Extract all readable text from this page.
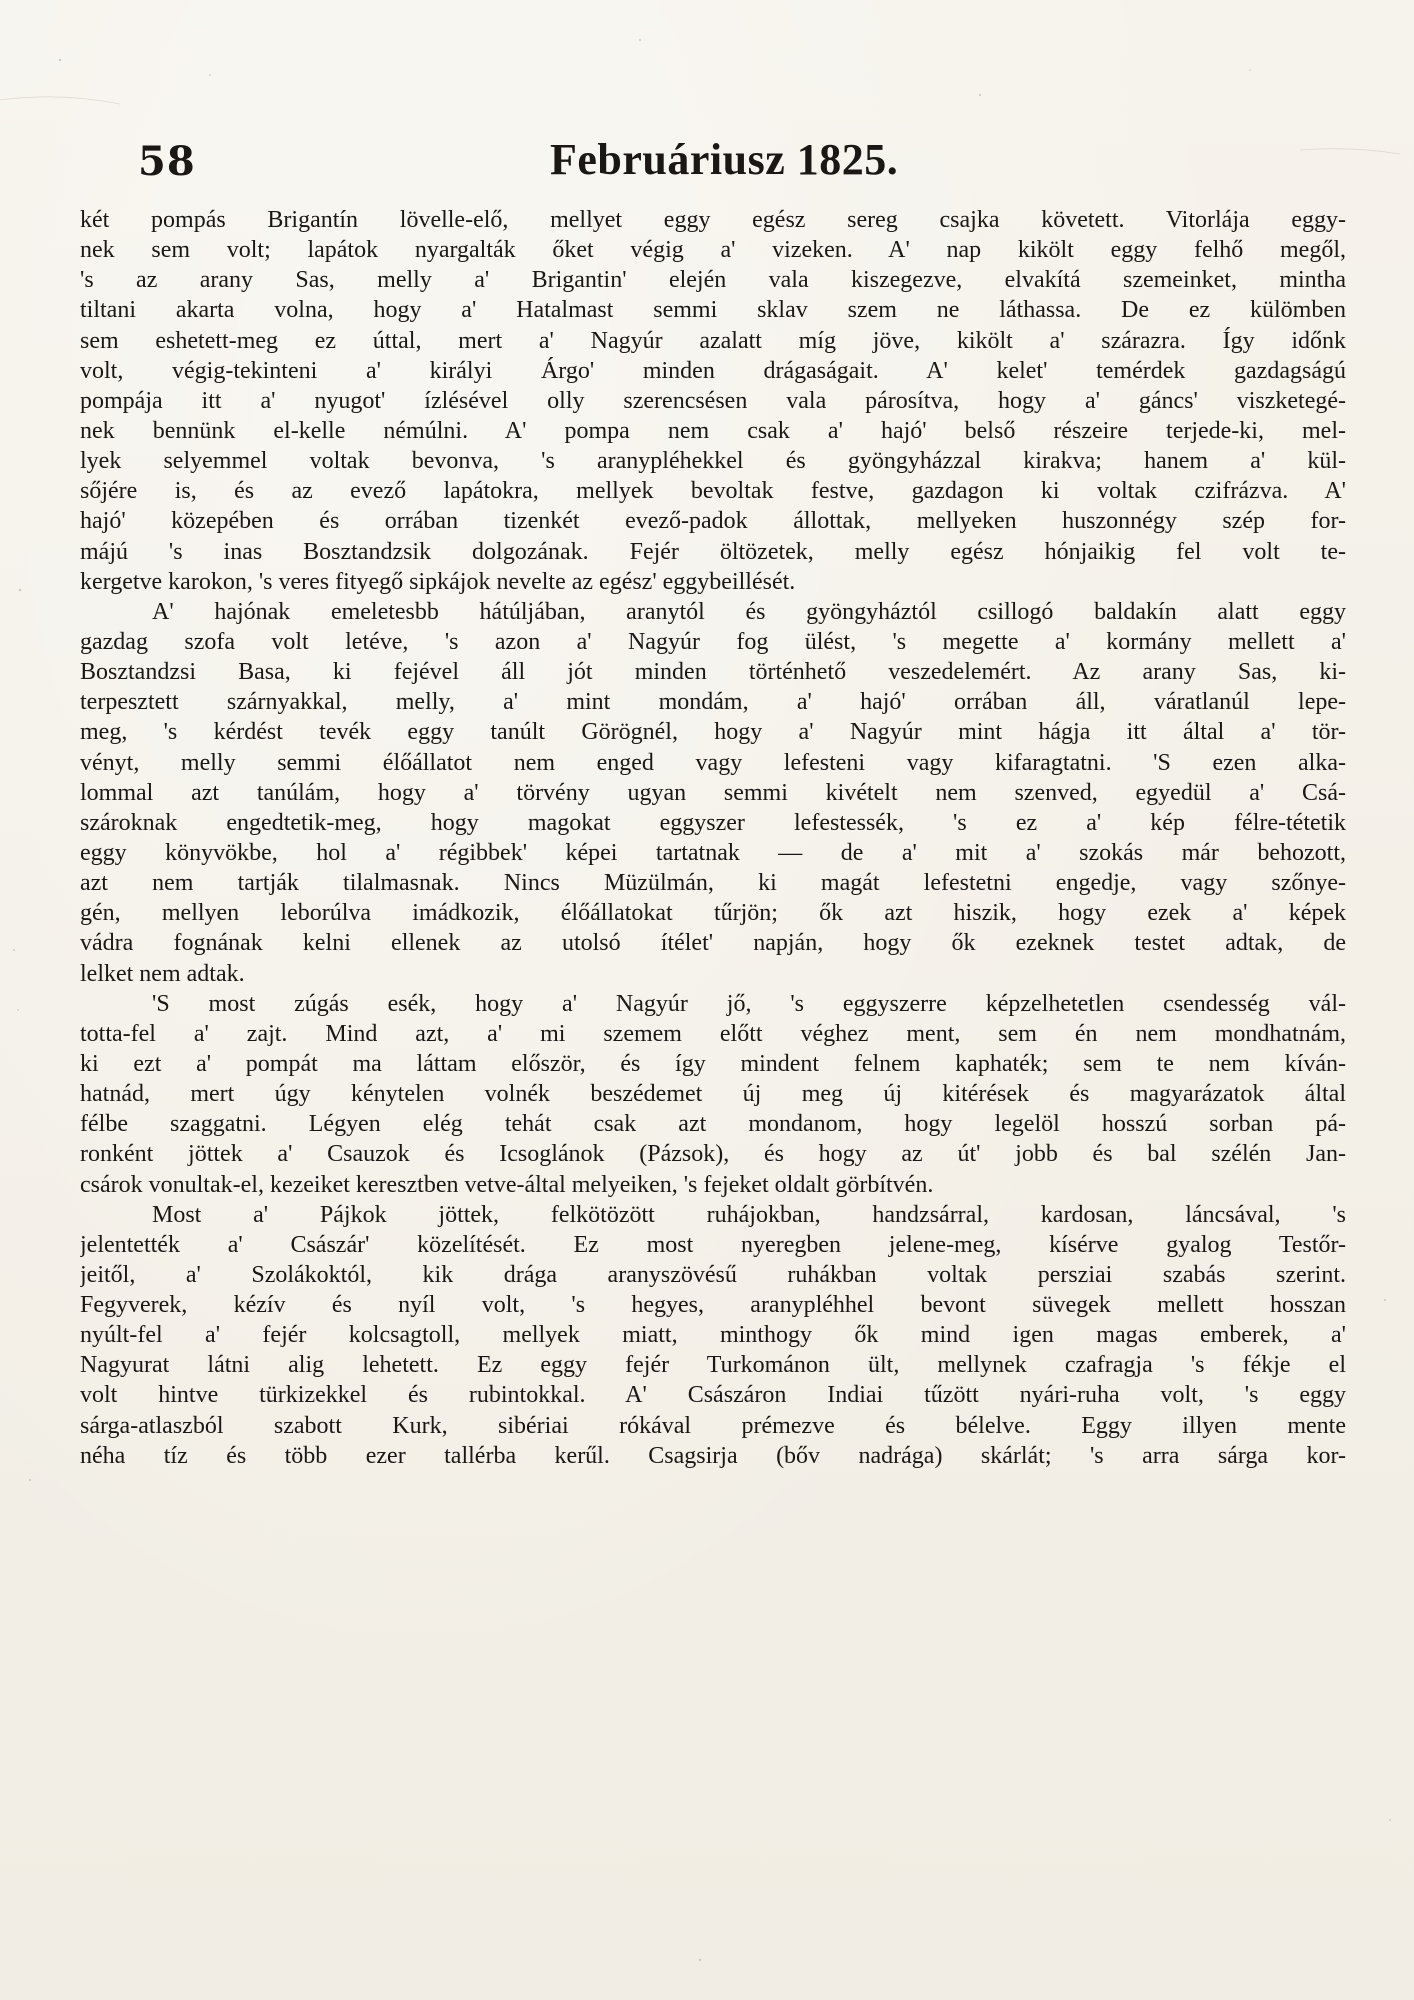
58	Februáriusz 1825.
két pompás Brigantín lövelle-elő, mellyet eggy egész sereg csajka követett. Vitorlája eggy-
nek sem volt; lapátok nyargalták őket végig a' vizeken. A' nap kikölt eggy felhő megől,
's az arany Sas, melly a' Brigantin' elején vala kiszegezve, elvakítá szemeinket, mintha
tiltani akarta volna, hogy a' Hatalmast semmi sklav szem ne láthassa. De ez külömben
sem eshetett-meg ez úttal, mert a' Nagyúr azalatt míg jöve, kikölt a' szárazra. Így időnk
volt, végig-tekinteni a' királyi Árgo' minden drágaságait. A' kelet' temérdek gazdagságú
pompája itt a' nyugot' ízlésével olly szerencsésen vala párosítva, hogy a' gáncs' viszketegé-
nek bennünk el-kelle némúlni. A' pompa nem csak a' hajó' belső részeire terjede-ki, mel-
lyek selyemmel voltak bevonva, 's aranypléhekkel és gyöngyházzal kirakva; hanem a' kül-
sőjére is, és az evező lapátokra, mellyek bevoltak festve, gazdagon ki voltak czifrázva. A'
hajó' közepében és orrában tizenkét evező-padok állottak, mellyeken huszonnégy szép for-
májú 's inas Bosztandzsik dolgozának. Fejér öltözetek, melly egész hónjaikig fel volt te-
kergetve karokon, 's veres fityegő sipkájok nevelte az egész' eggybeillését.
A' hajónak emeletesbb hátúljában, aranytól és gyöngyháztól csillogó baldakín alatt eggy
gazdag szofa volt letéve, 's azon a' Nagyúr fog ülést, 's megette a' kormány mellett a'
Bosztandzsi Basa, ki fejével áll jót minden történhető veszedelemért. Az arany Sas, ki-
terpesztett szárnyakkal, melly, a' mint mondám, a' hajó' orrában áll, váratlanúl lepe-
meg, 's kérdést tevék eggy tanúlt Görögnél, hogy a' Nagyúr mint hágja itt által a' tör-
vényt, melly semmi élőállatot nem enged vagy lefesteni vagy kifaragtatni. 'S ezen alka-
lommal azt tanúlám, hogy a' törvény ugyan semmi kivételt nem szenved, egyedül a' Csá-
szároknak engedtetik-meg, hogy magokat eggyszer lefestessék, 's ez a' kép félre-tétetik
eggy könyvökbe, hol a' régibbek' képei tartatnak — de a' mit a' szokás már behozott,
azt nem tartják tilalmasnak. Nincs Müzülmán, ki magát lefestetni engedje, vagy szőnye-
gén, mellyen leborúlva imádkozik, élőállatokat tűrjön; ők azt hiszik, hogy ezek a' képek
vádra fognának kelni ellenek az utolsó ítélet' napján, hogy ők ezeknek testet adtak, de
lelket nem adtak.
'S most zúgás esék, hogy a' Nagyúr jő, 's eggyszerre képzelhetetlen csendesség vál-
totta-fel a' zajt. Mind azt, a' mi szemem előtt véghez ment, sem én nem mondhatnám,
ki ezt a' pompát ma láttam először, és így mindent felnem kaphaték; sem te nem kíván-
hatnád, mert úgy kénytelen volnék beszédemet új meg új kitérések és magyarázatok által
félbe szaggatni. Légyen elég tehát csak azt mondanom, hogy legelöl hosszú sorban pá-
ronként jöttek a' Csauzok és Icsoglánok (Pázsok), és hogy az út' jobb és bal szélén Jan-
csárok vonultak-el, kezeiket keresztben vetve-által melyeiken, 's fejeket oldalt görbítvén.
Most a' Pájkok jöttek, felkötözött ruhájokban, handzsárral, kardosan, láncsával, 's
jelentették a' Császár' közelítését. Ez most nyeregben jelene-meg, kísérve gyalog Testőr-
jeitől, a' Szolákoktól, kik drága aranyszövésű ruhákban voltak persziai szabás szerint.
Fegyverek, kézív és nyíl volt, 's hegyes, aranypléhhel bevont süvegek mellett hosszan
nyúlt-fel a' fejér kolcsagtoll, mellyek miatt, minthogy ők mind igen magas emberek, a'
Nagyurat látni alig lehetett. Ez eggy fejér Turkománon ült, mellynek czafragja 's fékje el
volt hintve türkizekkel és rubintokkal. A' Császáron Indiai tűzött nyári-ruha volt, 's eggy
sárga-atlaszból szabott Kurk, sibériai rókával prémezve és bélelve. Eggy illyen mente
néha tíz és több ezer tallérba kerűl. Csagsirja (bőv nadrága) skárlát; 's arra sárga kor-
